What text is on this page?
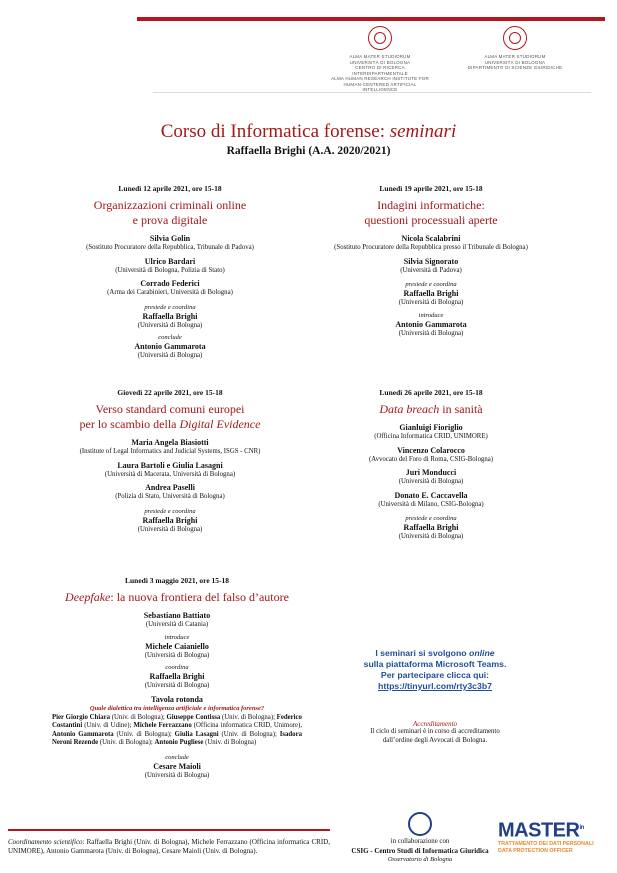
ALMA MATER STUDIORUM
UNIVERSITÀ DI BOLOGNA
CENTRO DI RICERCA INTERDIPARTIMENTALE
ALMA HUMAN RESEARCH INSTITUTE FOR
HUMAN-CENTERED ARTIFICIAL INTELLIGENCE
ALMA MATER STUDIORUM
UNIVERSITÀ DI BOLOGNA
DIPARTIMENTO DI SCIENZE GIURIDICHE
Corso di Informatica forense: seminari
Raffaella Brighi (A.A. 2020/2021)
Lunedì 12 aprile 2021, ore 15-18
Organizzazioni criminali online
e prova digitale
Silvia Golin
(Sostituto Procuratore della Repubblica, Tribunale di Padova)
Ulrico Bardari
(Università di Bologna, Polizia di Stato)
Corrado Federici
(Arma dei Carabinieri, Università di Bologna)
presiede e coordina
Raffaella Brighi
(Università di Bologna)
conclude
Antonio Gammarota
(Università di Bologna)
Lunedì 19 aprile 2021, ore 15-18
Indagini informatiche:
questioni processuali aperte
Nicola Scalabrini
(Sostituto Procuratore della Repubblica presso il Tribunale di Bologna)
Silvia Signorato
(Università di Padova)
presiede e coordina
Raffaella Brighi
(Università di Bologna)
introduce
Antonio Gammarota
(Università di Bologna)
Giovedì 22 aprile 2021, ore 15-18
Verso standard comuni europei
per lo scambio della Digital Evidence
Maria Angela Biasiotti
(Institute of Legal Informatics and Judicial Systems, ISGS - CNR)
Laura Bartoli e Giulia Lasagni
(Università di Macerata, Università di Bologna)
Andrea Paselli
(Polizia di Stato, Università di Bologna)
presiede e coordina
Raffaella Brighi
(Università di Bologna)
Lunedì 26 aprile 2021, ore 15-18
Data breach in sanità
Gianluigi Fioriglio
(Officina Informatica CRID, UNIMORE)
Vincenzo Colarocco
(Avvocato del Foro di Roma, CSIG-Bologna)
Juri Monducci
(Università di Bologna)
Donato E. Caccavella
(Università di Milano, CSIG-Bologna)
presiede e coordina
Raffaella Brighi
(Università di Bologna)
Lunedì 3 maggio 2021, ore 15-18
Deepfake: la nuova frontiera del falso d’autore
Sebastiano Battiato
(Università di Catania)
introduce
Michele Caianiello
(Università di Bologna)
coordina
Raffaella Brighi
(Università di Bologna)
Tavola rotonda
Quale dialettica tra intelligenza artificiale e informatica forense?
Pier Giorgio Chiara (Univ. di Bologna); Giuseppe Contissa (Univ. di Bologna); Federico Costantini (Univ. di Udine); Michele Ferrazzano (Officina informatica CRID, Unimore), Antonio Gammarota (Univ. di Bologna); Giulia Lasagni (Univ. di Bologna); Isadora Neroni Rezende (Univ. di Bologna); Antonio Pugliese (Univ. di Bologna)
conclude
Cesare Maioli
(Università di Bologna)
I seminari si svolgono online
sulla piattaforma Microsoft Teams.
Per partecipare clicca qui:
https://tinyurl.com/rty3c3b7
Accreditamento
Il ciclo di seminari è in corso di accreditamento
dall’ordine degli Avvocati di Bologna.
Coordinamento scientifico: Raffaella Brighi (Univ. di Bologna), Michele Ferrazzano (Officina informatica CRID, UNIMORE), Antonio Gammarota (Univ. di Bologna), Cesare Maioli (Univ. di Bologna).
in collaborazione con
CSIG - Centro Studi di Informatica Giuridica
Osservatorio di Bologna
$MASTER^{in}$
TRATTAMENTO DEI DATI PERSONALI
DATA PROTECTION OFFICER
